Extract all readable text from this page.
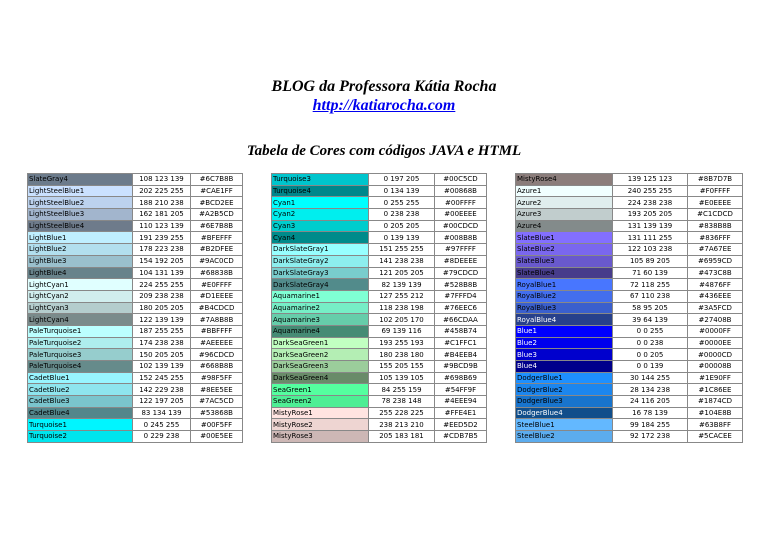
BLOG da Professora Kátia Rocha
http://katiarocha.com
Tabela de Cores com códigos JAVA e HTML
SlateGray4	108 123 139	#6C7B8B
LightSteelBlue1	202 225 255	#CAE1FF
LightSteelBlue2	188 210 238	#BCD2EE
LightSteelBlue3	162 181 205	#A2B5CD
LightSteelBlue4	110 123 139	#6E7B8B
LightBlue1	191 239 255	#BFEFFF
LightBlue2	178 223 238	#B2DFEE
LightBlue3	154 192 205	#9AC0CD
LightBlue4	104 131 139	#68838B
LightCyan1	224 255 255	#E0FFFF
LightCyan2	209 238 238	#D1EEEE
LightCyan3	180 205 205	#B4CDCD
LightCyan4	122 139 139	#7A8B8B
PaleTurquoise1	187 255 255	#BBFFFF
PaleTurquoise2	174 238 238	#AEEEEE
PaleTurquoise3	150 205 205	#96CDCD
PaleTurquoise4	102 139 139	#668B8B
CadetBlue1	152 245 255	#98F5FF
CadetBlue2	142 229 238	#8EE5EE
CadetBlue3	122 197 205	#7AC5CD
CadetBlue4	83 134 139	#53868B
Turquoise1	0 245 255	#00F5FF
Turquoise2	0 229 238	#00E5EE
Turquoise3	0 197 205	#00C5CD
Turquoise4	0 134 139	#00868B
Cyan1	0 255 255	#00FFFF
Cyan2	0 238 238	#00EEEE
Cyan3	0 205 205	#00CDCD
Cyan4	0 139 139	#008B8B
DarkSlateGray1	151 255 255	#97FFFF
DarkSlateGray2	141 238 238	#8DEEEE
DarkSlateGray3	121 205 205	#79CDCD
DarkSlateGray4	82 139 139	#528B8B
Aquamarine1	127 255 212	#7FFFD4
Aquamarine2	118 238 198	#76EEC6
Aquamarine3	102 205 170	#66CDAA
Aquamarine4	69 139 116	#458B74
DarkSeaGreen1	193 255 193	#C1FFC1
DarkSeaGreen2	180 238 180	#B4EEB4
DarkSeaGreen3	155 205 155	#9BCD9B
DarkSeaGreen4	105 139 105	#698B69
SeaGreen1	84 255 159	#54FF9F
SeaGreen2	78 238 148	#4EEE94
MistyRose1	255 228 225	#FFE4E1
MistyRose2	238 213 210	#EED5D2
MistyRose3	205 183 181	#CDB7B5
MistyRose4	139 125 123	#8B7D7B
Azure1	240 255 255	#F0FFFF
Azure2	224 238 238	#E0EEEE
Azure3	193 205 205	#C1CDCD
Azure4	131 139 139	#838B8B
SlateBlue1	131 111 255	#836FFF
SlateBlue2	122 103 238	#7A67EE
SlateBlue3	105 89 205	#6959CD
SlateBlue4	71 60 139	#473C8B
RoyalBlue1	72 118 255	#4876FF
RoyalBlue2	67 110 238	#436EEE
RoyalBlue3	58 95 205	#3A5FCD
RoyalBlue4	39 64 139	#27408B
Blue1	0 0 255	#0000FF
Blue2	0 0 238	#0000EE
Blue3	0 0 205	#0000CD
Blue4	0 0 139	#00008B
DodgerBlue1	30 144 255	#1E90FF
DodgerBlue2	28 134 238	#1C86EE
DodgerBlue3	24 116 205	#1874CD
DodgerBlue4	16 78 139	#104E8B
SteelBlue1	99 184 255	#63B8FF
SteelBlue2	92 172 238	#5CACEE
